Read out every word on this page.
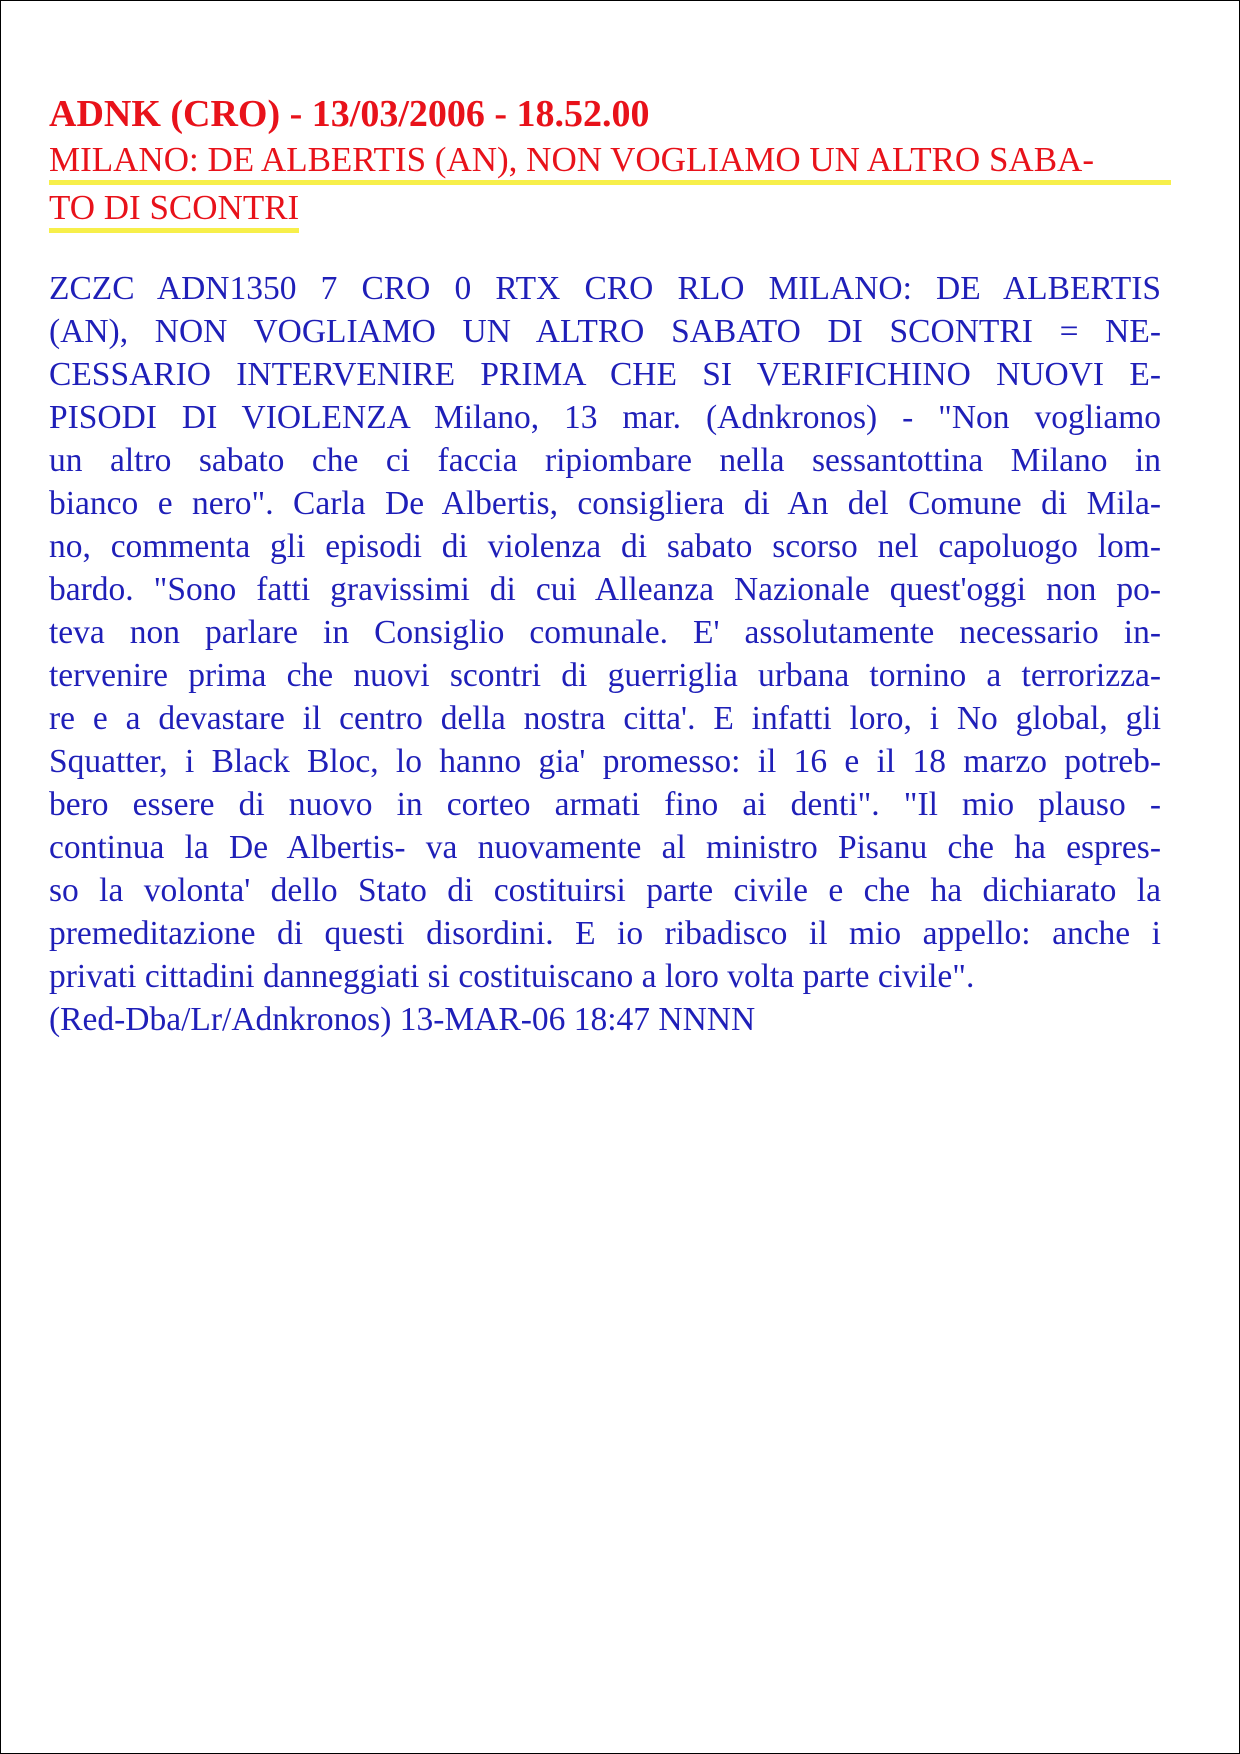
ADNK (CRO) - 13/03/2006 - 18.52.00
MILANO: DE ALBERTIS (AN), NON VOGLIAMO UN ALTRO SABA-
TO DI SCONTRI
ZCZC ADN1350 7 CRO 0 RTX CRO RLO MILANO: DE ALBERTIS
(AN), NON VOGLIAMO UN ALTRO SABATO DI SCONTRI = NE-
CESSARIO INTERVENIRE PRIMA CHE SI VERIFICHINO NUOVI E-
PISODI DI VIOLENZA Milano, 13 mar. (Adnkronos) - "Non vogliamo
un altro sabato che ci faccia ripiombare nella sessantottina Milano in
bianco e nero". Carla De Albertis, consigliera di An del Comune di Mila-
no, commenta gli episodi di violenza di sabato scorso nel capoluogo lom-
bardo. "Sono fatti gravissimi di cui Alleanza Nazionale quest'oggi non po-
teva non parlare in Consiglio comunale. E' assolutamente necessario in-
tervenire prima che nuovi scontri di guerriglia urbana tornino a terrorizza-
re e a devastare il centro della nostra citta'. E infatti loro, i No global, gli
Squatter, i Black Bloc, lo hanno gia' promesso: il 16 e il 18 marzo potreb-
bero essere di nuovo in corteo armati fino ai denti". "Il mio plauso -
continua la De Albertis- va nuovamente al ministro Pisanu che ha espres-
so la volonta' dello Stato di costituirsi parte civile e che ha dichiarato la
premeditazione di questi disordini. E io ribadisco il mio appello: anche i
privati cittadini danneggiati si costituiscano a loro volta parte civile".
(Red-Dba/Lr/Adnkronos) 13-MAR-06 18:47 NNNN
